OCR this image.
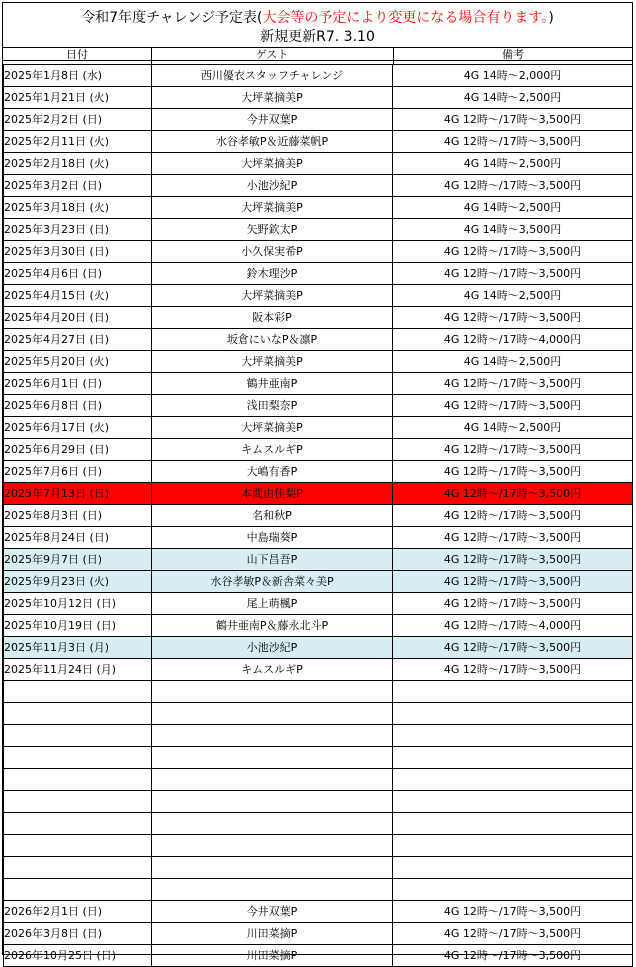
令和7年度チャレンジ予定表(大会等の予定により変更になる場合有ります。)
新規更新R7. 3.10
日付	ゲスト	備考
2025年1月8日 (水)	西川優衣スタッフチャレンジ	4G 14時～2,000円
2025年1月21日 (火)	大坪菜摘美P	4G 14時～2,500円
2025年2月2日 (日)	今井双葉P	4G 12時～/17時～3,500円
2025年2月11日 (火)	水谷孝敏P＆近藤菜帆P	4G 12時～/17時～3,500円
2025年2月18日 (火)	大坪菜摘美P	4G 14時～2,500円
2025年3月2日 (日)	小池沙紀P	4G 12時～/17時～3,500円
2025年3月18日 (火)	大坪菜摘美P	4G 14時～2,500円
2025年3月23日 (日)	矢野欽太P	4G 14時～3,500円
2025年3月30日 (日)	小久保実希P	4G 12時～/17時～3,500円
2025年4月6日 (日)	鈴木理沙P	4G 12時～/17時～3,500円
2025年4月15日 (火)	大坪菜摘美P	4G 14時～2,500円
2025年4月20日 (日)	阪本彩P	4G 12時～/17時～3,500円
2025年4月27日 (日)	坂倉にいなP＆凛P	4G 12時～/17時～4,000円
2025年5月20日 (火)	大坪菜摘美P	4G 14時～2,500円
2025年6月1日 (日)	鶴井亜南P	4G 12時～/17時～3,500円
2025年6月8日 (日)	浅田梨奈P	4G 12時～/17時～3,500円
2025年6月17日 (火)	大坪菜摘美P	4G 14時～2,500円
2025年6月29日 (日)	キムスルギP	4G 12時～/17時～3,500円
2025年7月6日 (日)	大嶋有香P	4G 12時～/17時～3,500円
2025年7月13日 (日)	本間由佳梨P	4G 12時～/17時～3,500円
2025年8月3日 (日)	名和秋P	4G 12時～/17時～3,500円
2025年8月24日 (日)	中島瑞葵P	4G 12時～/17時～3,500円
2025年9月7日 (日)	山下昌吾P	4G 12時～/17時～3,500円
2025年9月23日 (火)	水谷孝敏P＆新舎菜々美P	4G 12時～/17時～3,500円
2025年10月12日 (日)	尾上萌楓P	4G 12時～/17時～3,500円
2025年10月19日 (日)	鶴井亜南P＆藤永北斗P	4G 12時～/17時～4,000円
2025年11月3日 (月)	小池沙紀P	4G 12時～/17時～3,500円
2025年11月24日 (月)	キムスルギP	4G 12時～/17時～3,500円

2026年2月1日 (日)	今井双葉P	4G 12時～/17時～3,500円
2026年3月8日 (日)	川田菜摘P	4G 12時～/17時～3,500円
2026年10月25日 (日)	川田菜摘P	4G 12時～/17時～3,500円
